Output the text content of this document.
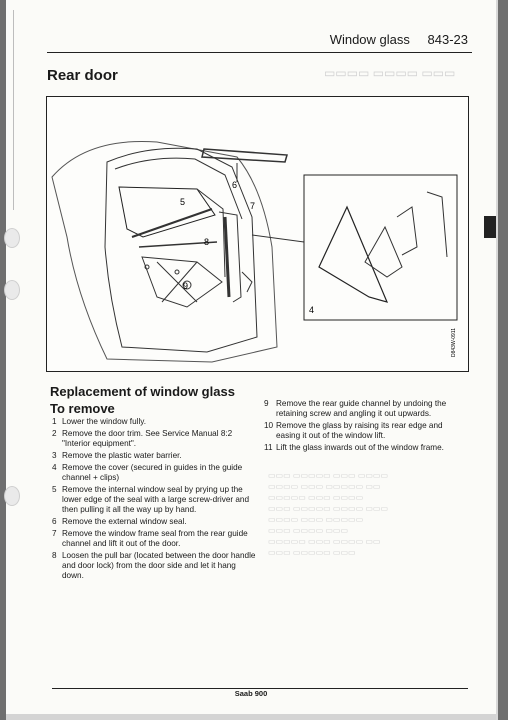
Window glass 843-23
Rear door	▭▭▭ ▭▭▭▭ ▭▭▭▭
6
5	7
8
9
4
D843W-0911
Replacement of window glass
To remove
1 Lower the window fully.
2 Remove the door trim. See Service Manual 8:2 "Interior equipment".
3 Remove the plastic water barrier.
4 Remove the cover (secured in guides in the guide channel + clips)
5 Remove the internal window seal by prying up the lower edge of the seal with a large screw-driver and then pulling it all the way up by hand.
6 Remove the external window seal.
7 Remove the window frame seal from the rear guide channel and lift it out of the door.
8 Loosen the pull bar (located between the door handle and door lock) from the door side and let it hang down.
9 Remove the rear guide channel by undoing the retaining screw and angling it out upwards.
10 Remove the glass by raising its rear edge and easing it out of the window lift.
11 Lift the glass inwards out of the window frame.
▭▭▭ ▭▭▭▭▭ ▭▭▭ ▭▭▭▭
▭▭▭▭ ▭▭▭ ▭▭▭▭▭ ▭▭
▭▭▭▭▭ ▭▭▭ ▭▭▭▭
▭▭▭ ▭▭▭▭▭ ▭▭▭▭ ▭▭▭
▭▭▭▭ ▭▭▭ ▭▭▭▭▭
▭▭▭ ▭▭▭▭ ▭▭▭
▭▭▭▭▭ ▭▭▭ ▭▭▭▭ ▭▭
▭▭▭ ▭▭▭▭▭ ▭▭▭
Saab 900
